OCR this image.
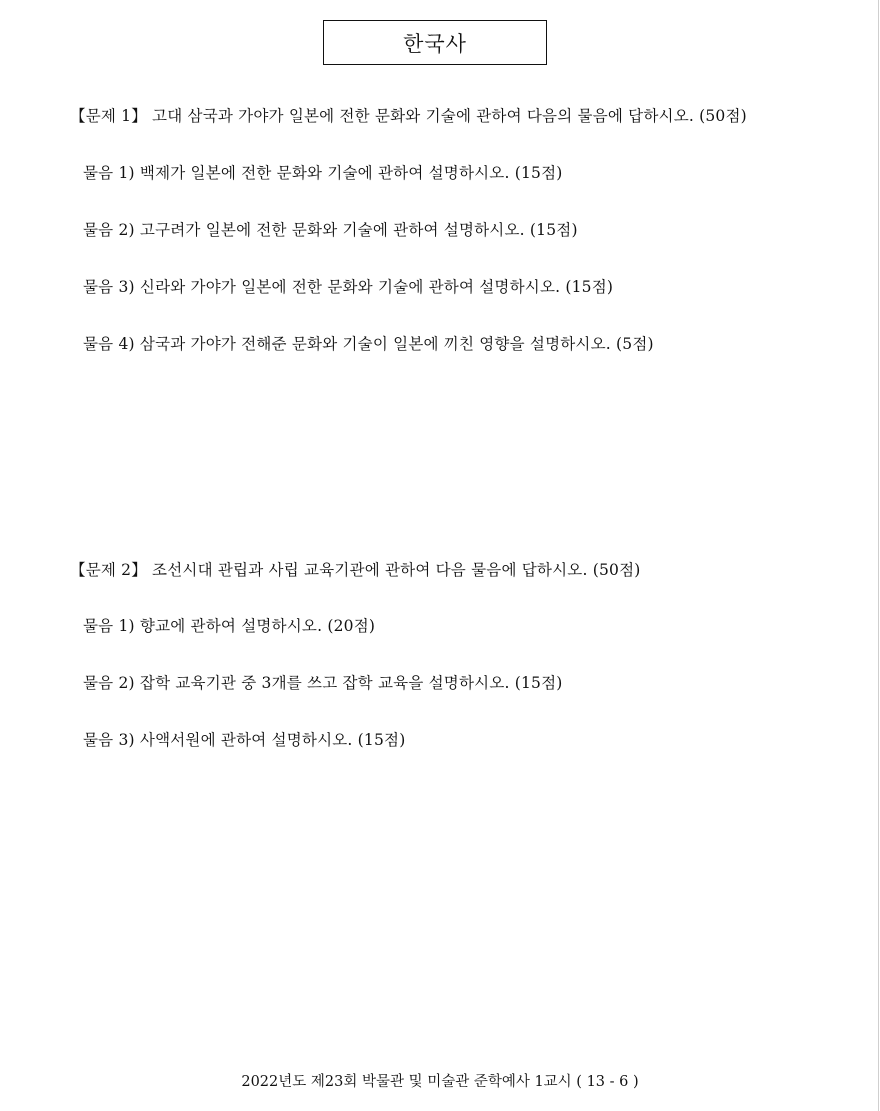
한국사
【문제 1】 고대 삼국과 가야가 일본에 전한 문화와 기술에 관하여 다음의 물음에 답하시오. (50점)
물음 1) 백제가 일본에 전한 문화와 기술에 관하여 설명하시오. (15점)
물음 2) 고구려가 일본에 전한 문화와 기술에 관하여 설명하시오. (15점)
물음 3) 신라와 가야가 일본에 전한 문화와 기술에 관하여 설명하시오. (15점)
물음 4) 삼국과 가야가 전해준 문화와 기술이 일본에 끼친 영향을 설명하시오. (5점)
【문제 2】 조선시대 관립과 사립 교육기관에 관하여 다음 물음에 답하시오. (50점)
물음 1) 향교에 관하여 설명하시오. (20점)
물음 2) 잡학 교육기관 중 3개를 쓰고 잡학 교육을 설명하시오. (15점)
물음 3) 사액서원에 관하여 설명하시오. (15점)
2022년도 제23회 박물관 및 미술관 준학예사 1교시 ( 13 - 6 )
